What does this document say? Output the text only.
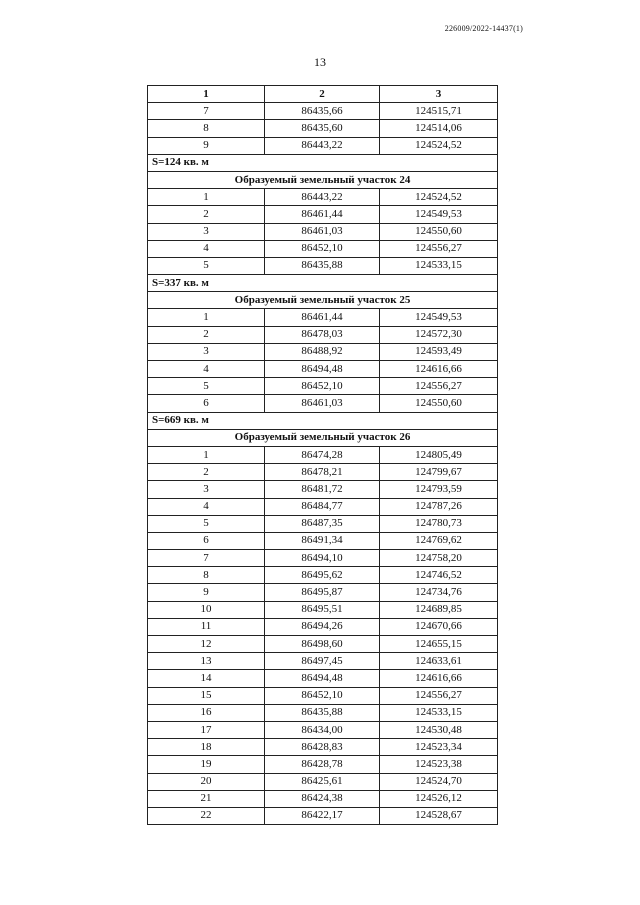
226009/2022-14437(1)
13
1	2	3
7	86435,66	124515,71
8	86435,60	124514,06
9	86443,22	124524,52
S=124 кв. м		
Образуемый земельный участок 24		
1	86443,22	124524,52
2	86461,44	124549,53
3	86461,03	124550,60
4	86452,10	124556,27
5	86435,88	124533,15
S=337 кв. м		
Образуемый земельный участок 25		
1	86461,44	124549,53
2	86478,03	124572,30
3	86488,92	124593,49
4	86494,48	124616,66
5	86452,10	124556,27
6	86461,03	124550,60
S=669 кв. м		
Образуемый земельный участок 26		
1	86474,28	124805,49
2	86478,21	124799,67
3	86481,72	124793,59
4	86484,77	124787,26
5	86487,35	124780,73
6	86491,34	124769,62
7	86494,10	124758,20
8	86495,62	124746,52
9	86495,87	124734,76
10	86495,51	124689,85
11	86494,26	124670,66
12	86498,60	124655,15
13	86497,45	124633,61
14	86494,48	124616,66
15	86452,10	124556,27
16	86435,88	124533,15
17	86434,00	124530,48
18	86428,83	124523,34
19	86428,78	124523,38
20	86425,61	124524,70
21	86424,38	124526,12
22	86422,17	124528,67
